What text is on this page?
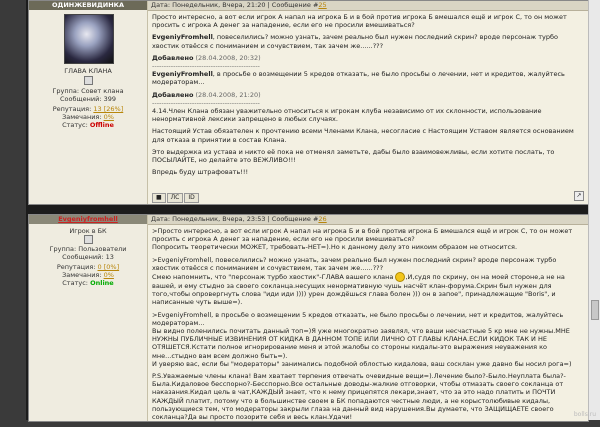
ОДИНЖЕВИДИНКА
ГЛАВА КЛАНА
Группа: Совет клана
Сообщений: 399
Репутация: 13 [26%]
Замечания: 0%
Статус: Offline
Дата: Понедельник, Вчера, 21:20 | Сообщение #25

Просто интересно, а вот если игрок А напал на игрока Б и в бой против игрока Б вмешался ещё и игрок С, то он может просить с игрока А денег за нападение, если его не просили вмешиваться?

EvgeniyFromhell, повеселились? можно узнать, зачем реально был нужен последний скрин? вроде персонаж турбо хвостик отвёсся с пониманием и сочувствием, так зачем же......???

Добавлено (28.04.2008, 20:32)

----------------------------------------------

EvgeniyFromhell, в просьбе о возмещении 5 кредов отказать, не было просьбы о лечении, нет и кредитов, жалуйтесь модераторам...

Добавлено (28.04.2008, 21:20)

----------------------------------------------

4.14.Член Клана обязан уважительно относиться к игрокам клуба независимо от их склонности, использование ненормативной лексики запрещено в любых случаях.

Настоящий Устав обязателен к прочтению всеми Членами Клана, несогласие с Настоящим Уставом является основанием для отказа в принятии в состав Клана.

Это выдержка из устава и никто её пока не отменял заметьте, дабы было взаимовежливы, если хотите послать, то ПОСЫЛАЙТЕ, но делайте это ВЕЖЛИВО!!!

Впредь буду штрафовать!!!

■ ЛС ID	↗
Evgeniyfromhell
Игрок в БК
Группа: Пользователи
Сообщений: 13
Репутация: 0 [0%]
Замечания: 0%
Статус: Online
Дата: Понедельник, Вчера, 23:53 | Сообщение #26

>Просто интересно, а вот если игрок А напал на игрока Б и в бой против игрока Б вмешался ещё и игрок С, то он может просить с игрока А денег за нападение, если его не просили вмешиваться?

Попросить теоретически МОЖЕТ, требовать-НЕТ=).Но к данному делу это никоим образом не относится.

>EvgeniyFromhell, повеселились? можно узнать, зачем реально был нужен последний скрин? вроде персонаж турбо хвостик отвёсся с пониманием и сочувствием, так зачем же......???

Смею напомнить, что "персонаж турбо хвостик"-ГЛАВА вашего клана ,И,судя по скрину, он на моей стороне,а не на вашей, и ему стыдно за своего сокланца.несущих ненормативную чушь насчёт клан-форума.Скрин был нужен для того,чтобы опровергнуть слова "иди иди )))) урен дождёшься глава болен ))) он в запое", принадлежащие "Boris", и написанные чуть выше=).

>EvgeniyFromhell, в просьбе о возмещении 5 кредов отказать, не было просьбы о лечении, нет и кредитов, жалуйтесь модераторам...

Вы видно поленились почитать данный топ=)Я уже многократно заявлял, что ваши несчастные 5 кр мне не нужны.МНЕ НУЖНЫ ПУБЛИЧНЫЕ ИЗВИНЕНИЯ ОТ КИДКА В ДАННОМ ТОПЕ ИЛИ ЛИЧНО ОТ ГЛАВЫ КЛАНА.ЕСЛИ КИДОК ТАК И НЕ ОТЯШЕТСЯ.Кстати полное игнорирование меня и этой жалобы со стороны кидалы-это выражения неуважения ко мне...стыдно вам всем должно быть=).

И уверяю вас, если бы "модераторы" занимались подобной облостью кидалова, ваш сосклан уже давно бы носил рога=)

P.S.Уважаемые члены клана! Вам хватает терпения отвечать очевидные вещи=).Лечение было?-Было.Неуплата была?-Была.Кидаловое бесспорно?-Бесспорно.Все остальные доводы-жалкие отговорки, чтобы отмазать своего сокланца от наказания.Кидал цель в чат,КАЖДЫЙ знает, что к нему прицепятся лекари,знает, что за это надо платить и ПОЧТИ КАЖДЫЙ платит, потому что в большинстве своем в БК попадаются честные люди, а не корыстолюбивые кидалы, пользующиеся тем, что модераторы закрыли глаза на данный вид нарушения.Вы думаете, что ЗАЩИЩАЕТЕ своего сокланца?Да вы просто позорите себя и весь клан.Удачи!	bolls.ru
